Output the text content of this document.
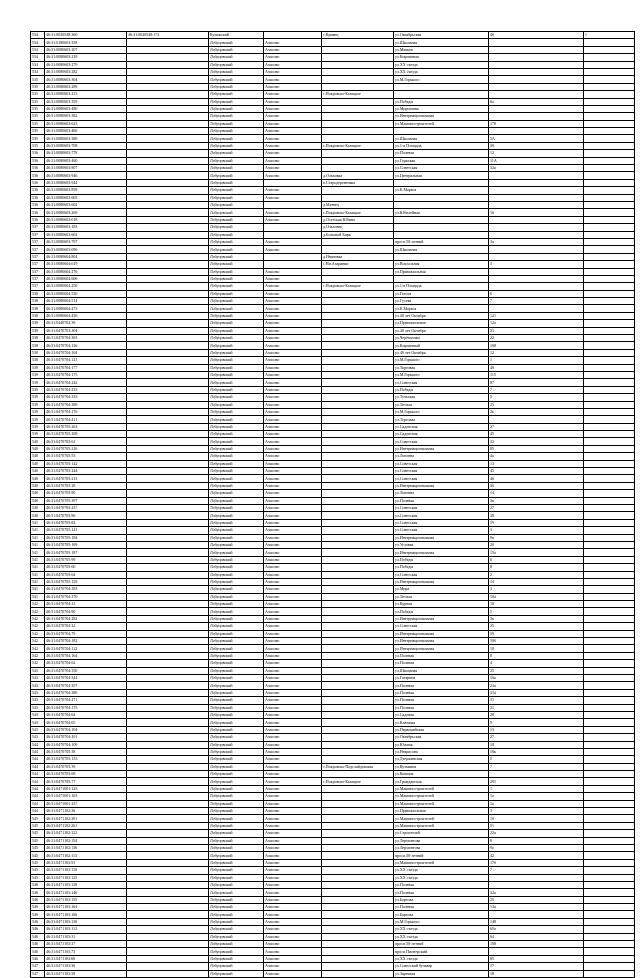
534	46:31:0020548:360	46:31:0020548:172	Кулижский		с.Кривец	ул.Октябрьская	40	1
534	46:31:0180603:358		Лобуцовский	Ачасово		ул.Школьная		
534	46:31:0080603:207		Лобуцовский	Ачасово		ул.Маяков		
534	46:31:0080603:218		Лобуцовский	Ачасово		ул.Кирпичная		
534	46:31:0080603:279		Лобуцовский	Ачасово		ул.XX съезда		
534	46:31:0080603:282		Лобуцовский	Ачасово		ул.XX съезда		
535	46:31:0080603:304		Лобуцовский	Ачасово		ул.М.Горького		
535	46:31:0080603:289		Лобуцовский	Ачасово				
535	46:31:0080603:213		Лобуцовский	Ачасово	с.Покровско-Казацкое			
535	46:31:0080603:359		Лобуцовский	Ачасово		ул.Победы	6а	
535	46:31:0080603:480		Лобуцовский	Ачасово		ул.Мирошина		
535	46:31:0080603:382		Лобуцовский	Ачасово		ул.Интернациональная		
535	46:31:0080603:623		Лобуцовский	Ачасово		ул.Машиностроителей	178	
535	46:31:0080603:466		Лобуцовский	Ачасово				
535	46:31:0080603:380		Лобуцовский	Ачасово		ул.Школьная	5А	
535	46:31:0080603:708		Лобуцовский	Ачасово	с.Покровско-Казацкое	ул.1-я Площадь	30	
536	46:31:0080603:778		Лобуцовский	Ачасово		ул.Полевая	12	
536	46:31:0080603:460		Лобуцовский	Ачасово		ул.Гуркская	11А	
536	46:31:0080603:807		Лобуцовский	Ачасово		ул.Советская	32а	
536	46:31:0080603:946		Лобуцовский	Ачасово	д.Ольховка	ул.Центральная		
536	46:31:0080603:944		Лобуцовский		п.Стародеревенька			
536	46:31:0080603:859		Лобуцовский	Ачасово		ул.К.Маркса		
536	46:31:0080603:605		Лобуцовский	Ачасово				
536	46:31:0080603:602		Лобуцовский		д.Матвец			
536	46:31:0080603:269		Лобуцовский	Ачасово	с.Покровско-Казацкое	ул.Юбилейная	16	
536	46:31:0080603:018		Лобуцовский	Ачасово	д.Осетская Юбина			
537	46:31:0080603:183		Лобуцовский		д.Ольховец			
537	46:31:0080603:602		Лобуцовский		д.Большой Бирк			
537	46:31:0080603:797		Лобуцовский	Ачасово		просп.50-летний	3а	
537	46:31:0080603:096		Лобуцовский	Ачасово		ул.Школьная		
537	46:31:0080604:804		Лобуцовский		д.Ивановка			
537	46:31:0080604:619		Лобуцовский		с.Ни.Азаринки	ул.Вокзальная	3	
537	46:31:0080604:276		Лобуцовский	Ачасово		ул.Привокзальная		
537	46:31:0080604:606		Лобуцовский	Ачасово				
537	46:31:0080604:250		Лобуцовский	Ачасово	с.Покровско-Казацкое	ул.1-я Площадь		
538	46:31:0080604:530		Лобуцовский	Ачасово		ул.Гоголя	6	
538	46:31:0080604:514		Лобуцовский	Ачасово		ул.Гусева	7	
538	46:31:0080604:473		Лобуцовский	Ачасово		ул.К.Маркса		
538	46:31:0080604:456		Лобуцовский	Ачасово		ул.40 лет Октября	121	
538	46:31:0440702:39		Лобуцовский	Ачасово		ул.Привокзальная	12а	
538	46:31:0470703:304		Лобуцовский	Ачасово		ул.40 лет Октября	31	
538	46:31:0470704:303		Лобуцовский	Ачасово		ул.Черёмушки	22	
538	46:31:0470704:126		Лобуцовский	Ачасово		ул.Кирпичный	168	
538	46:31:0470704:164		Лобуцовский	Ачасово		ул.40 лет Октября	12	
538	46:31:0470704:121		Лобуцовский	Ачасово		ул.М.Горького	1	
539	46:31:0470704:177		Лобуцовский	Ачасово		ул.Торговая	40	
539	46:31:0470704:175		Лобуцовский	Ачасово		ул.М.Горького	115	
539	46:31:0470704:242		Лобуцовский	Ачасово		ул.Советская	87	
539	46:31:0470704:233		Лобуцовский	Ачасово		ул.Победы	7	
539	46:31:0470704:333		Лобуцовский	Ачасово		ул.Тульская	5	
539	46:31:0470704:389		Лобуцовский	Ачасово		ул.Лесная	25	
539	46:31:0470704:176		Лобуцовский	Ачасово		ул.М.Горького	2к	
539	46:31:0470704:411		Лобуцовский	Ачасово		ул.Торговая		
539	46:31:0470705:263		Лобуцовский	Ачасово		ул.Садовская	27	
539	46:31:0470705:208		Лобуцовский	Ачасово		ул.Садовская	45	
540	46:31:0470705:62		Лобуцовский	Ачасово		ул.Советская	32	
540	46:31:0470705:216		Лобуцовский	Ачасово		ул.Интернациональная	85	
540	46:31:0470705:53		Лобуцовский	Ачасово		ул.Лиговна	4а	
540	46:31:0470705:142		Лобуцовский	Ачасово		ул.Советская	13	
540	46:31:0470705:244		Лобуцовский	Ачасово		ул.Советская	45	
540	46:31:0470705:213		Лобуцовский	Ачасово		ул.Советская	46	
540	46:31:0470705:28		Лобуцовский	Ачасово		ул.Интернациональная	36	
540	46:31:0470705:90		Лобуцовский	Ачасово		ул.Лиговна	14	
540	46:31:0470705:397		Лобуцовский	Ачасово		ул.Полевая	3к	
540	46:31:0470705:237		Лобуцовский	Ачасово		ул.Советская	27	
540	46:31:0470705:96		Лобуцовский	Ачасово		ул.Советская	38	
541	46:31:0470705:82		Лобуцовский	Ачасово		ул.Советская	19	
541	46:31:0470705:141		Лобуцовский	Ачасово		ул.Советская	3	
541	46:31:0470705:184		Лобуцовский	Ачасово		ул.Интернациональная	9к	
541	46:31:0470705:169		Лобуцовский	Ачасово		ул.Угловая	20	
541	46:31:0470705:187		Лобуцовский	Ачасово		ул.Интернациональная	15а	
541	46:31:0470705:99		Лобуцовский	Ачасово		ул.Победы	6	
541	46:31:0470705:60		Лобуцовский	Ачасово		ул.Победы	8	
541	46:31:0470705:64		Лобуцовский	Ачасово		ул.Советская	2	
541	46:31:0470705:159		Лобуцовский	Ачасово		ул.Интернациональная	14	
541	46:31:0470704:183		Лобуцовский	Ачасово		ул.Мира	3	
541	46:31:0470704:370		Лобуцовский	Ачасово		ул.Лесная	10а	
542	46:31:0470704:31		Лобуцовский	Ачасово		ул.Курная	10	
542	46:31:0470704:90		Лобуцовский	Ачасово		ул.Победы	5	
542	46:31:0470704:282		Лобуцовский	Ачасово		ул.Интернациональная	3к	
542	46:31:0470704:32		Лобуцовский	Ачасово		ул.Советская	25	
542	46:31:0470704:79		Лобуцовский	Ачасово		ул.Интернациональная	50	
542	46:31:0470704:182		Лобуцовский	Ачасово		ул.Интернациональная	10б	
542	46:31:0470704:112		Лобуцовский	Ачасово		ул.Интернациональная	10	
542	46:31:0470704:164		Лобуцовский	Ачасово		ул.Полевая	8	
542	46:31:0470704:62		Лобуцовский	Ачасово		ул.Полевая	4	
543	46:31:0470704:350		Лобуцовский	Ачасово		ул.Школьная	25	
543	46:31:0470704:344		Лобуцовский	Ачасово		ул.Гагарина	16а	
543	46:31:0470704:357		Лобуцовский	Ачасово		ул.Полевая	23а	
543	46:31:0470704:380		Лобуцовский	Ачасово		ул.Полевая	31а	
543	46:31:0470704:271		Лобуцовский	Ачасово		ул.Полевая	31	
543	46:31:0470704:175		Лобуцовский	Ачасово		ул.Полевая	21	
543	46:31:0470704:64		Лобуцовский	Ачасово		ул.Садовая	28	
543	46:31:0470704:65		Лобуцовский	Ачасово		ул.Ключная	9	
543	46:31:0470704:104		Лобуцовский	Ачасово		ул.Первомайская	13	
543	46:31:0470704:101		Лобуцовский	Ачасово		ул.Октябрьская	27	
544	46:31:0470704:109		Лобуцовский	Ачасово		ул.Южная	18	
544	46:31:0470705:38		Лобуцовский	Ачасово		ул.Некрасова	16к	
544	46:31:0470705:153		Лобуцовский	Ачасово		ул.Дзержинская	5	
544	46:31:0470705:39		Лобуцовский	Ачасово	с.Покровско-Подслайдовская	ул.Кузьмина	7	
544	46:31:0470705:68		Лобуцовский	Ачасово		ул.Кошина		
544	46:31:0470705:77		Лобуцовский	Ачасово	с.Покровско-Казацкое	ул.Гражданская	291	
544	46:31:0471001:123		Лобуцовский	Ачасово		ул.Машиностроителей	1	
544	46:31:0471001:163		Лобуцовский	Ачасово		ул.Машиностроителей	1а	
544	46:31:0471001:237		Лобуцовский	Ачасово		ул.Машиностроителей	2а	
544	46:31:0471102:36		Лобуцовский	Ачасово		ул.Привокзальная	3	
545	46:31:0471102:391		Лобуцовский	Ачасово		ул.Машиностроителей	10	
545	46:31:0471102:261		Лобуцовский	Ачасово		ул.Машиностроителей	51	
545	46:31:0471102:122		Лобуцовский	Ачасово		ул.Строителей	22а	
545	46:31:0471102:154		Лобуцовский	Ачасово		ул.Лермонтова	6	
545	46:31:0471102:136		Лобуцовский	Ачасово		ул.Лермонтова	9а	
545	46:31:0471102:113		Лобуцовский	Ачасово		просп.50-летний	42	
545	46:31:0471103:53		Лобуцовский	Ачасово		ул.Машиностроителей	17б	
545	46:31:0471103:110		Лобуцовский	Ачасово		ул.XX съезда	7	
545	46:31:0471103:125		Лобуцовский	Ачасово		ул.XX съезда		
546	46:31:0471103:128		Лобуцовский	Ачасово		ул.Полевая		
546	46:31:0471103:146		Лобуцовский	Ачасово		ул.Полевая	32а	
546	46:31:0471103:155		Лобуцовский	Ачасово		ул.Бартова	25	
546	46:31:0471103:164		Лобуцовский	Ачасово		ул.Полевая	13а	
546	46:31:0471103:166		Лобуцовский	Ачасово		ул.Бартова		
546	46:31:0471103:130		Лобуцовский	Ачасово		ул.М.Горького	148	
546	46:31:0471103:112		Лобуцовский	Ачасово		ул.XX съезда	65а	
546	46:31:0471103:31		Лобуцовский	Ачасово		ул.XX съезда	64	
546	46:31:0471103:37		Лобуцовский	Ачасово		просп.50-летний	108	
546	46:31:0471103:73		Лобуцовский	Ачасово		просп.Пионерский		
546	46:31:0471103:60		Лобуцовский	Ачасово		ул.XX съезда	85	
547	46:31:0471103:36		Лобуцовский	Ачасово		ул.Советский бульвар	17	
547	46:31:0471103:58		Лобуцовский	Ачасово		ул.Заречная	18	
